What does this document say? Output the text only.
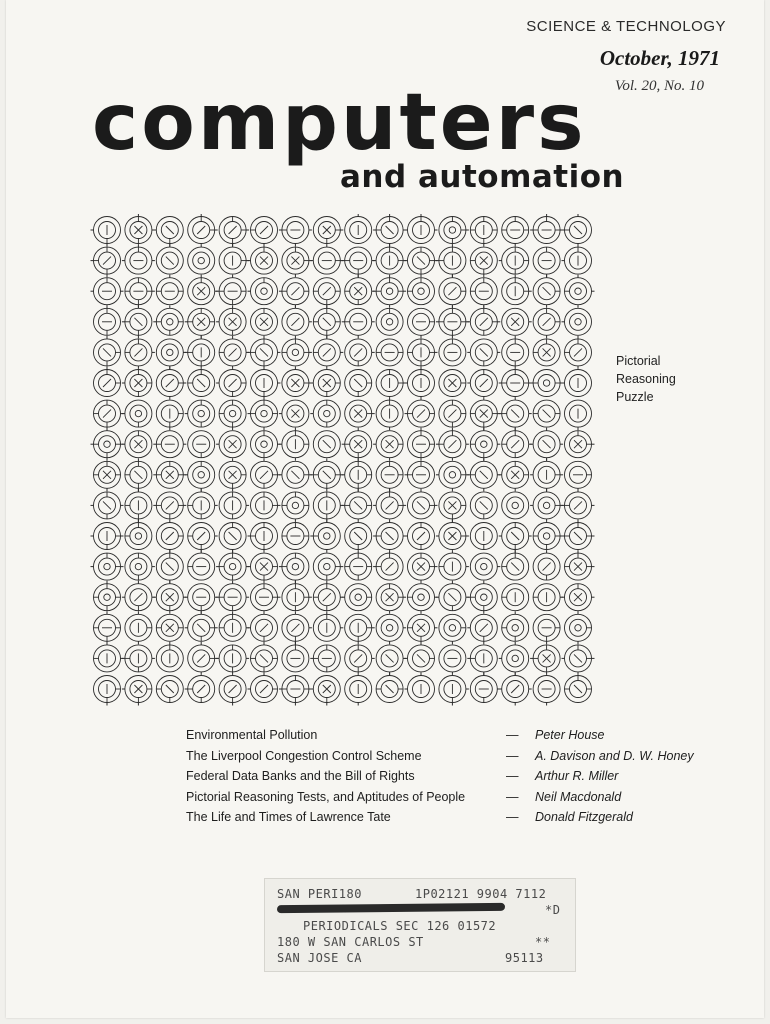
SCIENCE & TECHNOLOGY
October, 1971
Vol. 20, No. 10
computers
and automation
Pictorial
Reasoning
Puzzle
Environmental Pollution	— Peter House
The Liverpool Congestion Control Scheme	— A. Davison and D. W. Honey
Federal Data Banks and the Bill of Rights	— Arthur R. Miller
Pictorial Reasoning Tests, and Aptitudes of People	— Neil Macdonald
The Life and Times of Lawrence Tate	— Donald Fitzgerald
SAN PERI180	1P02121 9904 7112
*D
PERIODICALS SEC 126 01572
180 W SAN CARLOS ST	**
SAN JOSE CA	95113
